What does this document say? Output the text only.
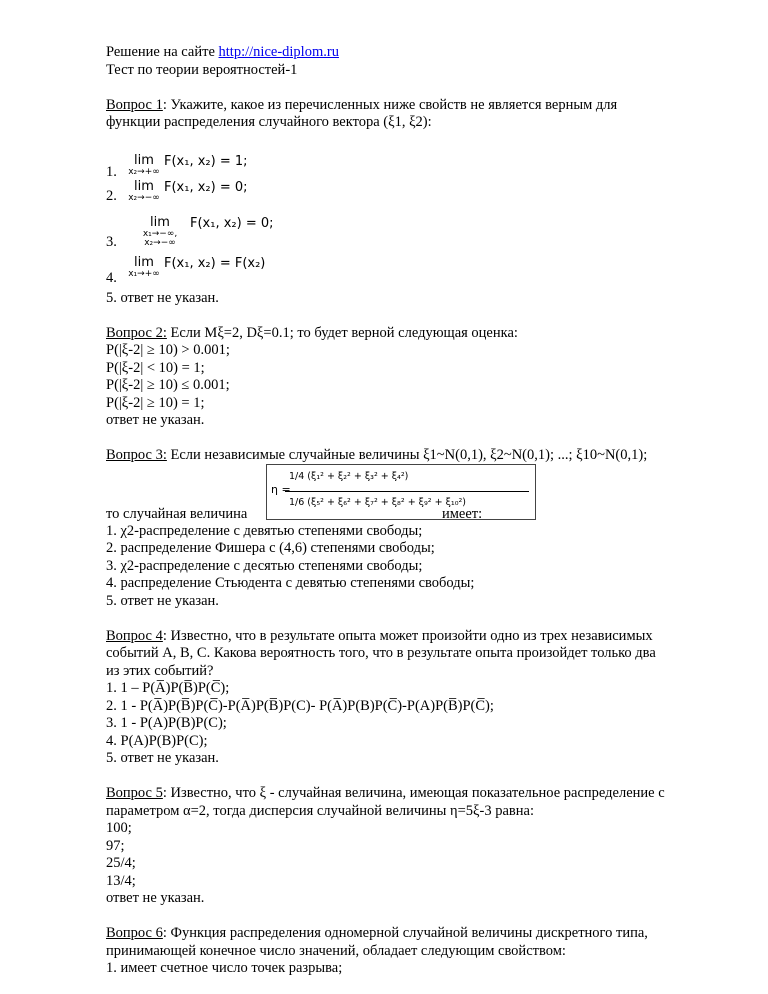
Решение на сайте http://nice-diplom.ru
Тест по теории вероятностей-1
Вопрос 1: Укажите, какое из перечисленных ниже свойств не является верным для
функции распределения случайного вектора (ξ1, ξ2):
1.
lim
x₂→+∞
F(x₁, x₂) = 1;
2.
lim
x₂→−∞
F(x₁, x₂) = 0;
3.
lim
x₁→−∞, x₂→−∞
F(x₁, x₂) = 0;
4.
lim
x₁→+∞
F(x₁, x₂) = F(x₂)
5. ответ не указан.
Вопрос 2: Если Mξ=2, Dξ=0.1; то будет верной следующая оценка:
P(|ξ-2| ≥ 10) > 0.001;
P(|ξ-2| < 10) = 1;
P(|ξ-2| ≥ 10) ≤ 0.001;
P(|ξ-2| ≥ 10) = 1;
ответ не указан.
Вопрос 3: Если независимые случайные величины ξ1~N(0,1), ξ2~N(0,1); ...; ξ10~N(0,1);
η =
1/4 (ξ₁² + ξ₂² + ξ₃² + ξ₄²)
1/6 (ξ₅² + ξ₆² + ξ₇² + ξ₈² + ξ₉² + ξ₁₀²)
то случайная величина	имеет:
1. χ2-распределение с девятью степенями свободы;
2. распределение Фишера с (4,6) степенями свободы;
3. χ2-распределение с десятью степенями свободы;
4. распределение Стьюдента с девятью степенями свободы;
5. ответ не указан.
Вопрос 4: Известно, что в результате опыта может произойти одно из трех независимых
событий A, B, C. Какова вероятность того, что в результате опыта произойдет только два
из этих событий?
1. 1 – P(A̅)P(B̅)P(C̅);
2. 1 - P(A̅)P(B̅)P(C̅)-P(A̅)P(B̅)P(C)- P(A̅)P(B)P(C̅)-P(A)P(B̅)P(C̅);
3. 1 - P(A)P(B)P(C);
4. P(A)P(B)P(C);
5. ответ не указан.
Вопрос 5: Известно, что ξ - случайная величина, имеющая показательное распределение с
параметром α=2, тогда дисперсия случайной величины η=5ξ-3 равна:
100;
97;
25/4;
13/4;
ответ не указан.
Вопрос 6: Функция распределения одномерной случайной величины дискретного типа,
принимающей конечное число значений, обладает следующим свойством:
1. имеет счетное число точек разрыва;
